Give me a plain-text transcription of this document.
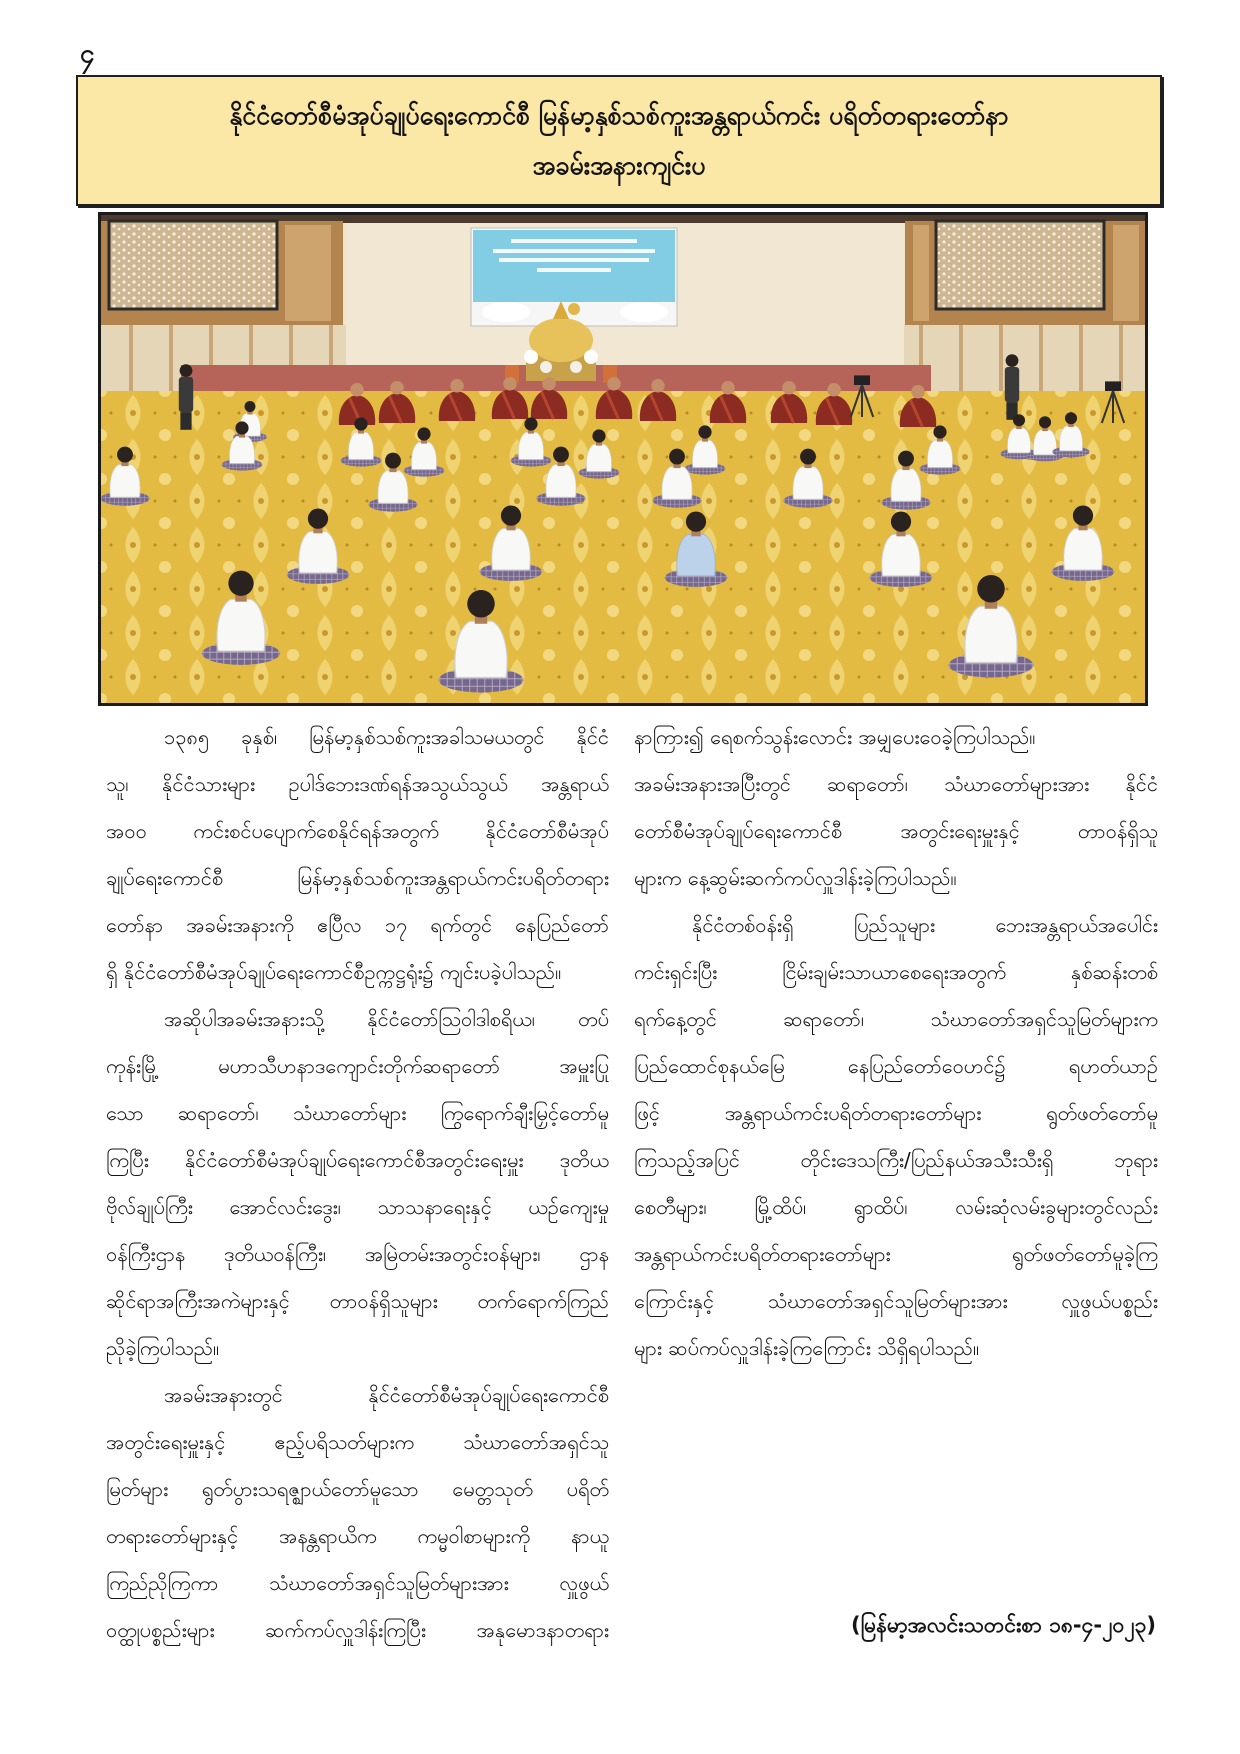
၄
နိုင်ငံတော်စီမံအုပ်ချုပ်ရေးကောင်စီ မြန်မာ့နှစ်သစ်ကူးအန္တရာယ်ကင်း ပရိတ်တရားတော်နာ
အခမ်းအနားကျင်းပ
၁၃၈၅ ခုနှစ်၊ မြန်မာ့နှစ်သစ်ကူးအခါသမယတွင် နိုင်ငံ
သူ၊ နိုင်ငံသားများ ဥပါဒ်ဘေးဒဏ်ရန်အသွယ်သွယ် အန္တရာယ်
အ၀၀ ကင်းစင်ပပျောက်စေနိုင်ရန်အတွက် နိုင်ငံတော်စီမံအုပ်
ချုပ်ရေးကောင်စီ မြန်မာ့နှစ်သစ်ကူးအန္တရာယ်ကင်းပရိတ်တရား
တော်နာ အခမ်းအနားကို ဧပြီလ ၁၇ ရက်တွင် နေပြည်တော်
ရှိ နိုင်ငံတော်စီမံအုပ်ချုပ်ရေးကောင်စီဥက္ကဋ္ဌရုံး၌ ကျင်းပခဲ့ပါသည်။
အဆိုပါအခမ်းအနားသို့ နိုင်ငံတော်သြဝါဒါစရိယ၊ တပ်
ကုန်းမြို့ မဟာသီဟနာဒကျောင်းတိုက်ဆရာတော် အမှူးပြု
သော ဆရာတော်၊ သံဃာတော်များ ကြွရောက်ချီးမြှင့်တော်မူ
ကြပြီး နိုင်ငံတော်စီမံအုပ်ချုပ်ရေးကောင်စီအတွင်းရေးမှူး ဒုတိယ
ဗိုလ်ချုပ်ကြီး အောင်လင်းဒွေး၊ သာသနာရေးနှင့် ယဉ်ကျေးမှု
ဝန်ကြီးဌာန ဒုတိယဝန်ကြီး၊ အမြဲတမ်းအတွင်းဝန်များ၊ ဌာန
ဆိုင်ရာအကြီးအကဲများနှင့် တာဝန်ရှိသူများ တက်ရောက်ကြည်
ညိုခဲ့ကြပါသည်။
အခမ်းအနားတွင် နိုင်ငံတော်စီမံအုပ်ချုပ်ရေးကောင်စီ
အတွင်းရေးမှူးနှင့် ဧည့်ပရိသတ်များက သံဃာတော်အရှင်သူ
မြတ်များ ရွတ်ပွားသရဇ္ဈာယ်တော်မူသော မေတ္တသုတ် ပရိတ်
တရားတော်များနှင့် အနန္တရာယိက ကမ္မဝါစာများကို နာယူ
ကြည်ညိုကြကာ သံဃာတော်အရှင်သူမြတ်များအား လှူဖွယ်
ဝတ္ထုပစ္စည်းများ ဆက်ကပ်လှူဒါန်းကြပြီး အနုမောဒနာတရား
နာကြား၍ ရေစက်သွန်းလောင်း အမျှပေးဝေခဲ့ကြပါသည်။
အခမ်းအနားအပြီးတွင် ဆရာတော်၊ သံဃာတော်များအား နိုင်ငံ
တော်စီမံအုပ်ချုပ်ရေးကောင်စီ အတွင်းရေးမှူးနှင့် တာဝန်ရှိသူ
များက နေ့ဆွမ်းဆက်ကပ်လှူဒါန်းခဲ့ကြပါသည်။
နိုင်ငံတစ်ဝန်းရှိ ပြည်သူများ ဘေးအန္တရာယ်အပေါင်း
ကင်းရှင်းပြီး ငြိမ်းချမ်းသာယာစေရေးအတွက် နှစ်ဆန်းတစ်
ရက်နေ့တွင် ဆရာတော်၊ သံဃာတော်အရှင်သူမြတ်များက
ပြည်ထောင်စုနယ်မြေ နေပြည်တော်ဝေဟင်၌ ရဟတ်ယာဉ်
ဖြင့် အန္တရာယ်ကင်းပရိတ်တရားတော်များ ရွတ်ဖတ်တော်မူ
ကြသည့်အပြင် တိုင်းဒေသကြီး/ပြည်နယ်အသီးသီးရှိ ဘုရား
စေတီများ၊ မြို့ထိပ်၊ ရွာထိပ်၊ လမ်းဆုံလမ်းခွများတွင်လည်း
အန္တရာယ်ကင်းပရိတ်တရားတော်များ ရွတ်ဖတ်တော်မူခဲ့ကြ
ကြောင်းနှင့် သံဃာတော်အရှင်သူမြတ်များအား လှူဖွယ်ပစ္စည်း
များ ဆပ်ကပ်လှူဒါန်းခဲ့ကြကြောင်း သိရှိရပါသည်။
(မြန်မာ့အလင်းသတင်းစာ ၁၈-၄-၂၀၂၃)
